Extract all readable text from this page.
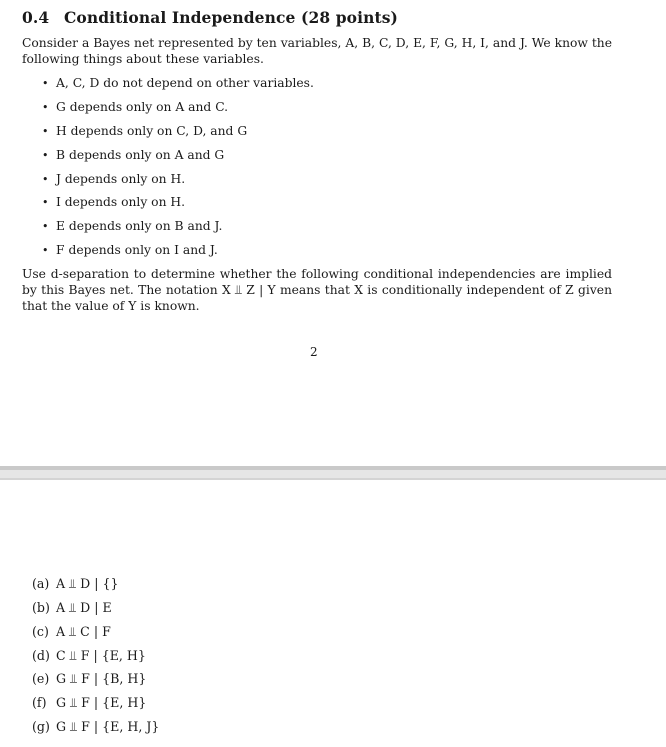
0.4 Conditional Independence (28 points)

Consider a Bayes net represented by ten variables, A, B, C, D, E, F, G, H, I, and J. We know the following things about these variables.

• A, C, D do not depend on other variables.
• G depends only on A and C.
• H depends only on C, D, and G
• B depends only on A and G
• J depends only on H.
• I depends only on H.
• E depends only on B and J.
• F depends only on I and J.

Use d-separation to determine whether the following conditional independencies are implied by this Bayes net. The notation X ⫫ Z | Y means that X is conditionally independent of Z given that the value of Y is known.

2
(a) A ⫫ D | {}
(b) A ⫫ D | E
(c) A ⫫ C | F
(d) C ⫫ F | {E, H}
(e) G ⫫ F | {B, H}
(f) G ⫫ F | {E, H}
(g) G ⫫ F | {E, H, J}
